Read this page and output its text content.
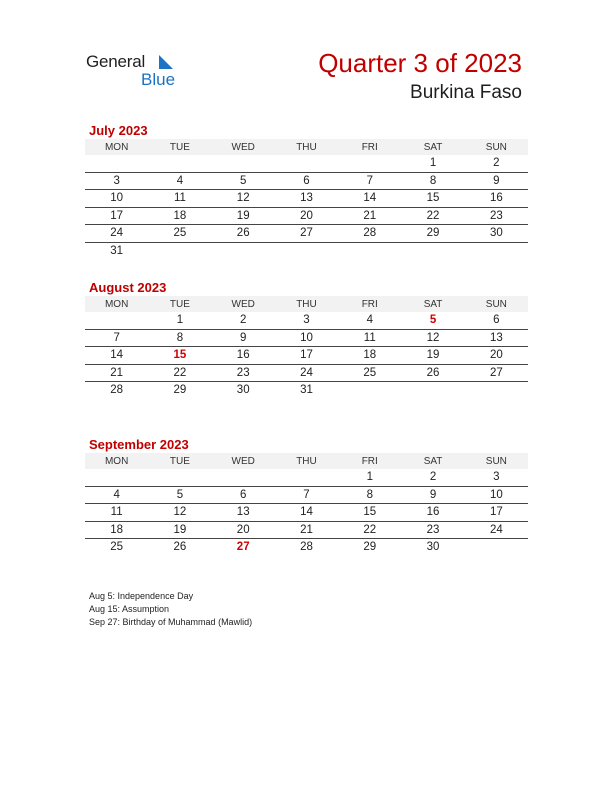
General
Blue
Quarter 3 of 2023
Burkina Faso
July 2023
MON	TUE	WED	THU	FRI	SAT	SUN
					1	2
3	4	5	6	7	8	9
10	11	12	13	14	15	16
17	18	19	20	21	22	23
24	25	26	27	28	29	30
31						
August 2023
MON	TUE	WED	THU	FRI	SAT	SUN
	1	2	3	4	5	6
7	8	9	10	11	12	13
14	15	16	17	18	19	20
21	22	23	24	25	26	27
28	29	30	31			
September 2023
MON	TUE	WED	THU	FRI	SAT	SUN
				1	2	3
4	5	6	7	8	9	10
11	12	13	14	15	16	17
18	19	20	21	22	23	24
25	26	27	28	29	30	
Aug 5: Independence Day
Aug 15: Assumption
Sep 27: Birthday of Muhammad (Mawlid)
